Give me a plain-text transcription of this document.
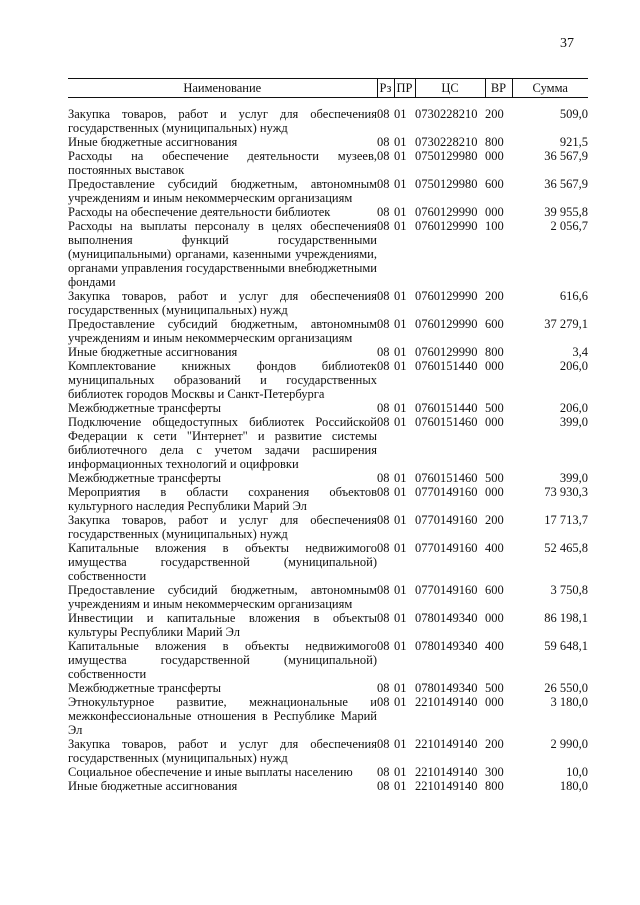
37
Наименование	Рз	ПР	ЦС	ВР	Сумма

Закупка товаров, работ и услуг для обеспечения государственных (муниципальных) нужд	08	01	0730228210	200	509,0
Иные бюджетные ассигнования	08	01	0730228210	800	921,5
Расходы на обеспечение деятельности музеев, постоянных выставок	08	01	0750129980	000	36 567,9
Предоставление субсидий бюджетным, автономным учреждениям и иным некоммерческим организациям	08	01	0750129980	600	36 567,9
Расходы на обеспечение деятельности библиотек	08	01	0760129990	000	39 955,8
Расходы на выплаты персоналу в целях обеспечения выполнения функций государственными (муниципальными) органами, казенными учреждениями, органами управления государственными внебюджетными фондами	08	01	0760129990	100	2 056,7
Закупка товаров, работ и услуг для обеспечения государственных (муниципальных) нужд	08	01	0760129990	200	616,6
Предоставление субсидий бюджетным, автономным учреждениям и иным некоммерческим организациям	08	01	0760129990	600	37 279,1
Иные бюджетные ассигнования	08	01	0760129990	800	3,4
Комплектование книжных фондов библиотек муниципальных образований и государственных библиотек городов Москвы и Санкт-Петербурга	08	01	0760151440	000	206,0
Межбюджетные трансферты	08	01	0760151440	500	206,0
Подключение общедоступных библиотек Российской Федерации к сети "Интернет" и развитие системы библиотечного дела с учетом задачи расширения информационных технологий и оцифровки	08	01	0760151460	000	399,0
Межбюджетные трансферты	08	01	0760151460	500	399,0
Мероприятия в области сохранения объектов культурного наследия Республики Марий Эл	08	01	0770149160	000	73 930,3
Закупка товаров, работ и услуг для обеспечения государственных (муниципальных) нужд	08	01	0770149160	200	17 713,7
Капитальные вложения в объекты недвижимого имущества государственной (муниципальной) собственности	08	01	0770149160	400	52 465,8
Предоставление субсидий бюджетным, автономным учреждениям и иным некоммерческим организациям	08	01	0770149160	600	3 750,8
Инвестиции и капитальные вложения в объекты культуры Республики Марий Эл	08	01	0780149340	000	86 198,1
Капитальные вложения в объекты недвижимого имущества государственной (муниципальной) собственности	08	01	0780149340	400	59 648,1
Межбюджетные трансферты	08	01	0780149340	500	26 550,0
Этнокультурное развитие, межнациональные и межконфессиональные отношения в Республике Марий Эл	08	01	2210149140	000	3 180,0
Закупка товаров, работ и услуг для обеспечения государственных (муниципальных) нужд	08	01	2210149140	200	2 990,0
Социальное обеспечение и иные выплаты населению	08	01	2210149140	300	10,0
Иные бюджетные ассигнования	08	01	2210149140	800	180,0
